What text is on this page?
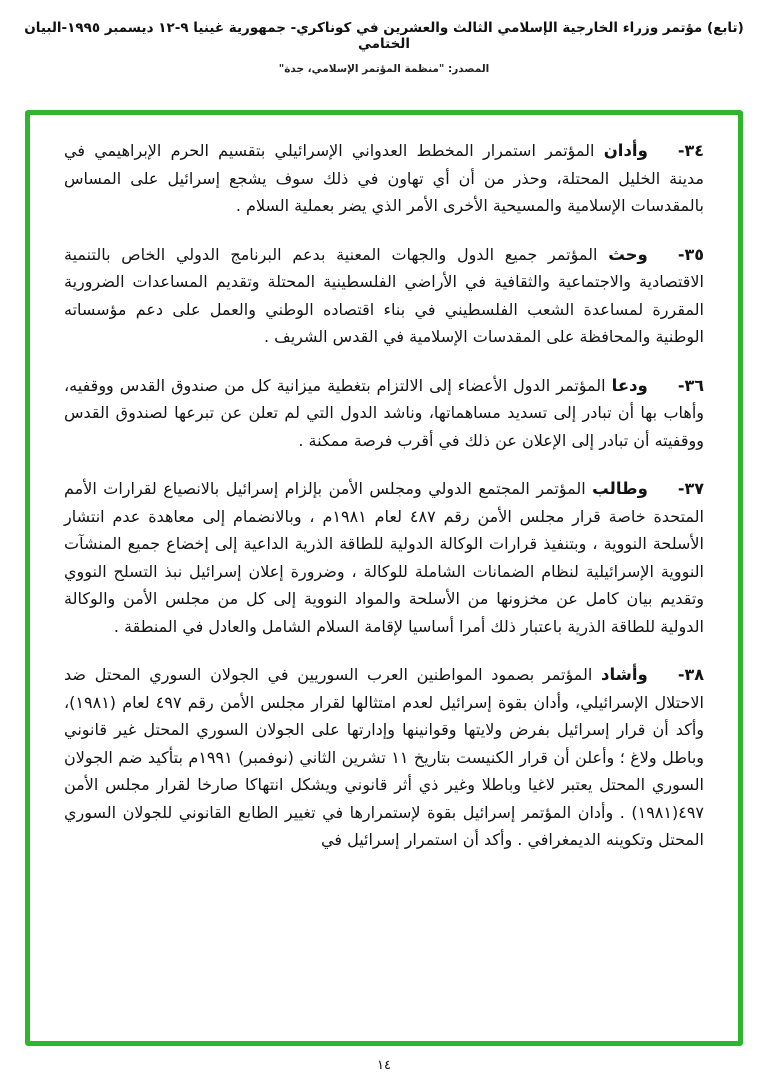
(تابع) مؤتمر وزراء الخارجية الإسلامي الثالث والعشرين في كوناكري- جمهورية غينيا ٩-١٢ ديسمبر ١٩٩٥-البيان الختامي
المصدر: "منظمة المؤتمر الإسلامي، جدة"

٣٤-وأدان المؤتمر استمرار المخطط العدواني الإسرائيلي بتقسيم الحرم الإبراهيمي في مدينة الخليل المحتلة، وحذر من أن أي تهاون في ذلك سوف يشجع إسرائيل على المساس بالمقدسات الإسلامية والمسيحية الأخرى الأمر الذي يضر بعملية السلام .

٣٥-وحث المؤتمر جميع الدول والجهات المعنية بدعم البرنامج الدولي الخاص بالتنمية الاقتصادية والاجتماعية والثقافية في الأراضي الفلسطينية المحتلة وتقديم المساعدات الضرورية المقررة لمساعدة الشعب الفلسطيني في بناء اقتصاده الوطني والعمل على دعم مؤسساته الوطنية والمحافظة على المقدسات الإسلامية في القدس الشريف .

٣٦-ودعا المؤتمر الدول الأعضاء إلى الالتزام بتغطية ميزانية كل من صندوق القدس ووقفيه، وأهاب بها أن تبادر إلى تسديد مساهماتها، وناشد الدول التي لم تعلن عن تبرعها لصندوق القدس ووقفيته أن تبادر إلى الإعلان عن ذلك في أقرب فرصة ممكنة .

٣٧-وطالب المؤتمر المجتمع الدولي ومجلس الأمن بإلزام إسرائيل بالانصياع لقرارات الأمم المتحدة خاصة قرار مجلس الأمن رقم ٤٨٧ لعام ١٩٨١م ، وبالانضمام إلى معاهدة عدم انتشار الأسلحة النووية ، وبتنفيذ قرارات الوكالة الدولية للطاقة الذرية الداعية إلى إخضاع جميع المنشآت النووية الإسرائيلية لنظام الضمانات الشاملة للوكالة ، وضرورة إعلان إسرائيل نبذ التسلح النووي وتقديم بيان كامل عن مخزونها من الأسلحة والمواد النووية إلى كل من مجلس الأمن والوكالة الدولية للطاقة الذرية باعتبار ذلك أمرا أساسيا لإقامة السلام الشامل والعادل في المنطقة .

٣٨-وأشاد المؤتمر بصمود المواطنين العرب السوريين في الجولان السوري المحتل ضد الاحتلال الإسرائيلي، وأدان بقوة إسرائيل لعدم امتثالها لقرار مجلس الأمن رقم ٤٩٧ لعام (١٩٨١)، وأكد أن قرار إسرائيل بفرض ولايتها وقوانينها وإدارتها على الجولان السوري المحتل غير قانوني وباطل ولاغ ؛ وأعلن أن قرار الكنيست بتاريخ ١١ تشرين الثاني (نوفمبر) ١٩٩١م بتأكيد ضم الجولان السوري المحتل يعتبر لاغيا وباطلا وغير ذي أثر قانوني ويشكل انتهاكا صارخا لقرار مجلس الأمن ٤٩٧(١٩٨١) . وأدان المؤتمر إسرائيل بقوة لإستمرارها في تغيير الطابع القانوني للجولان السوري المحتل وتكوينه الديمغرافي . وأكد أن استمرار إسرائيل في

١٤
